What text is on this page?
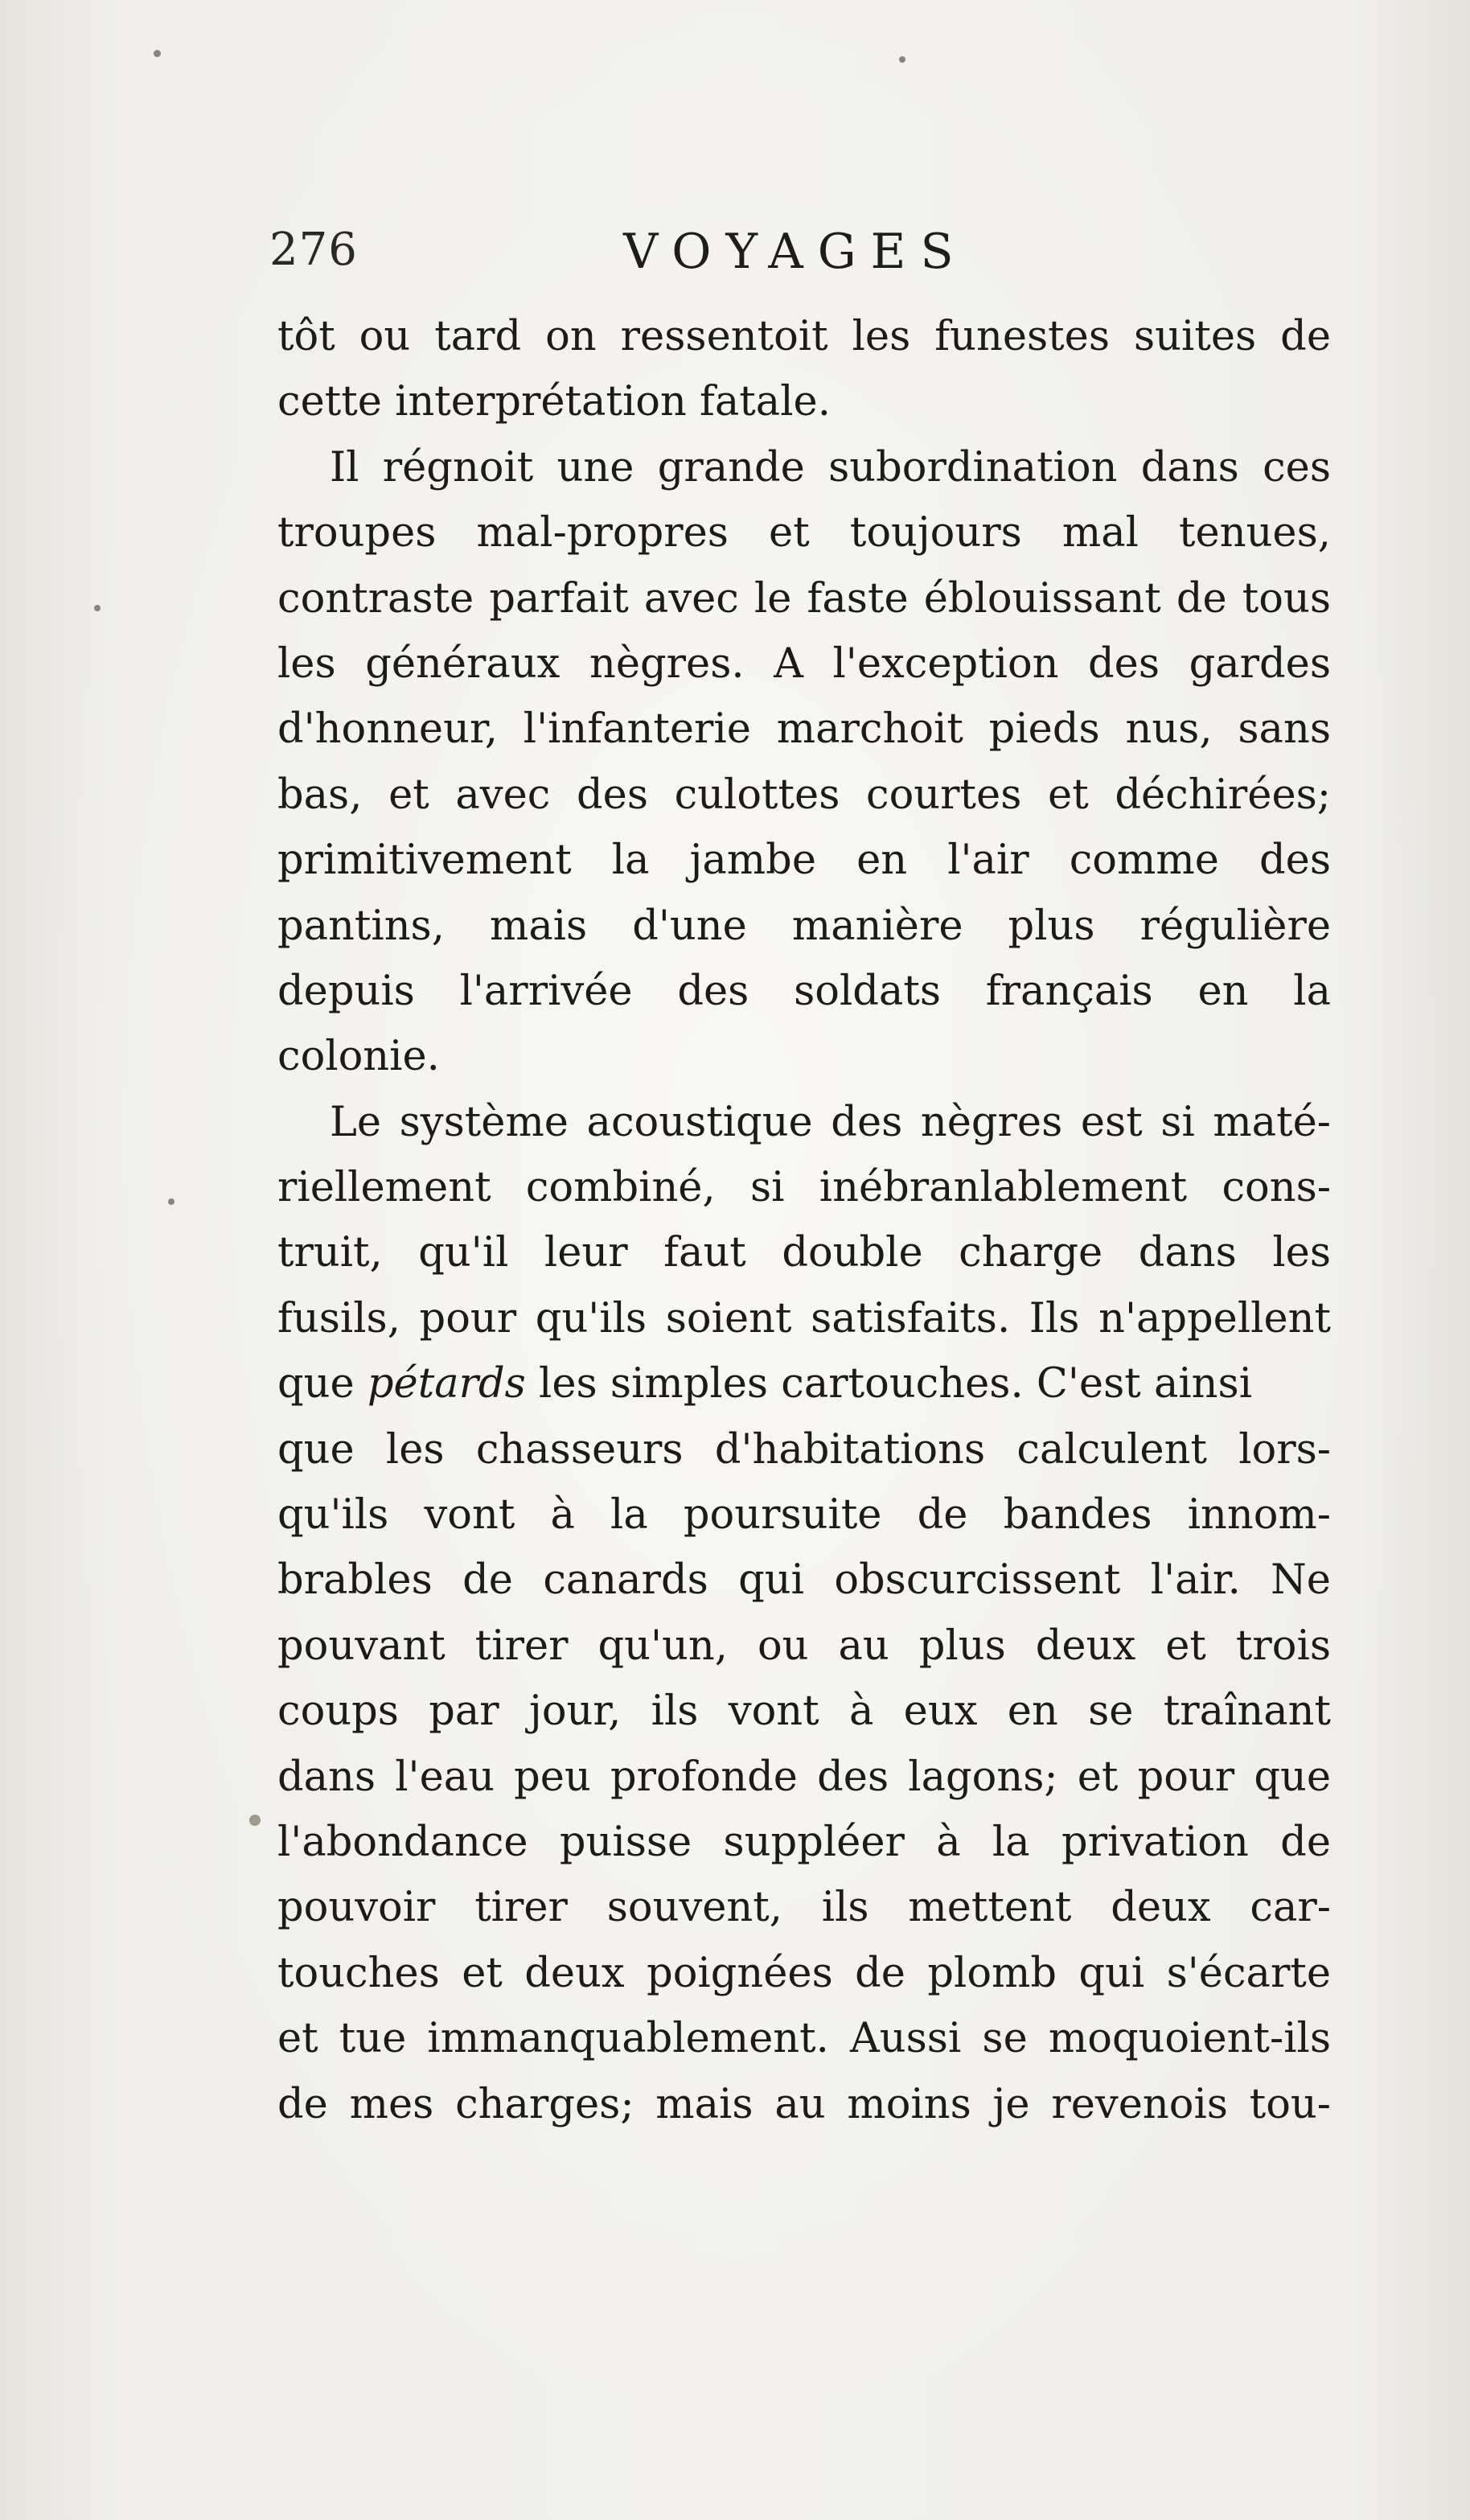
276	VOYAGES
tôt ou tard on ressentoit les funestes suites de
cette interprétation fatale.
Il régnoit une grande subordination dans ces
troupes mal-propres et toujours mal tenues,
contraste parfait avec le faste éblouissant de tous
les généraux nègres. A l'exception des gardes
d'honneur, l'infanterie marchoit pieds nus, sans
bas, et avec des culottes courtes et déchirées;
primitivement la jambe en l'air comme des
pantins, mais d'une manière plus régulière
depuis l'arrivée des soldats français en la
colonie.
Le système acoustique des nègres est si maté-
riellement combiné, si inébranlablement cons-
truit, qu'il leur faut double charge dans les
fusils, pour qu'ils soient satisfaits. Ils n'appellent
que pétards les simples cartouches. C'est ainsi
que les chasseurs d'habitations calculent lors-
qu'ils vont à la poursuite de bandes innom-
brables de canards qui obscurcissent l'air. Ne
pouvant tirer qu'un, ou au plus deux et trois
coups par jour, ils vont à eux en se traînant
dans l'eau peu profonde des lagons; et pour que
l'abondance puisse suppléer à la privation de
pouvoir tirer souvent, ils mettent deux car-
touches et deux poignées de plomb qui s'écarte
et tue immanquablement. Aussi se moquoient-ils
de mes charges; mais au moins je revenois tou-
